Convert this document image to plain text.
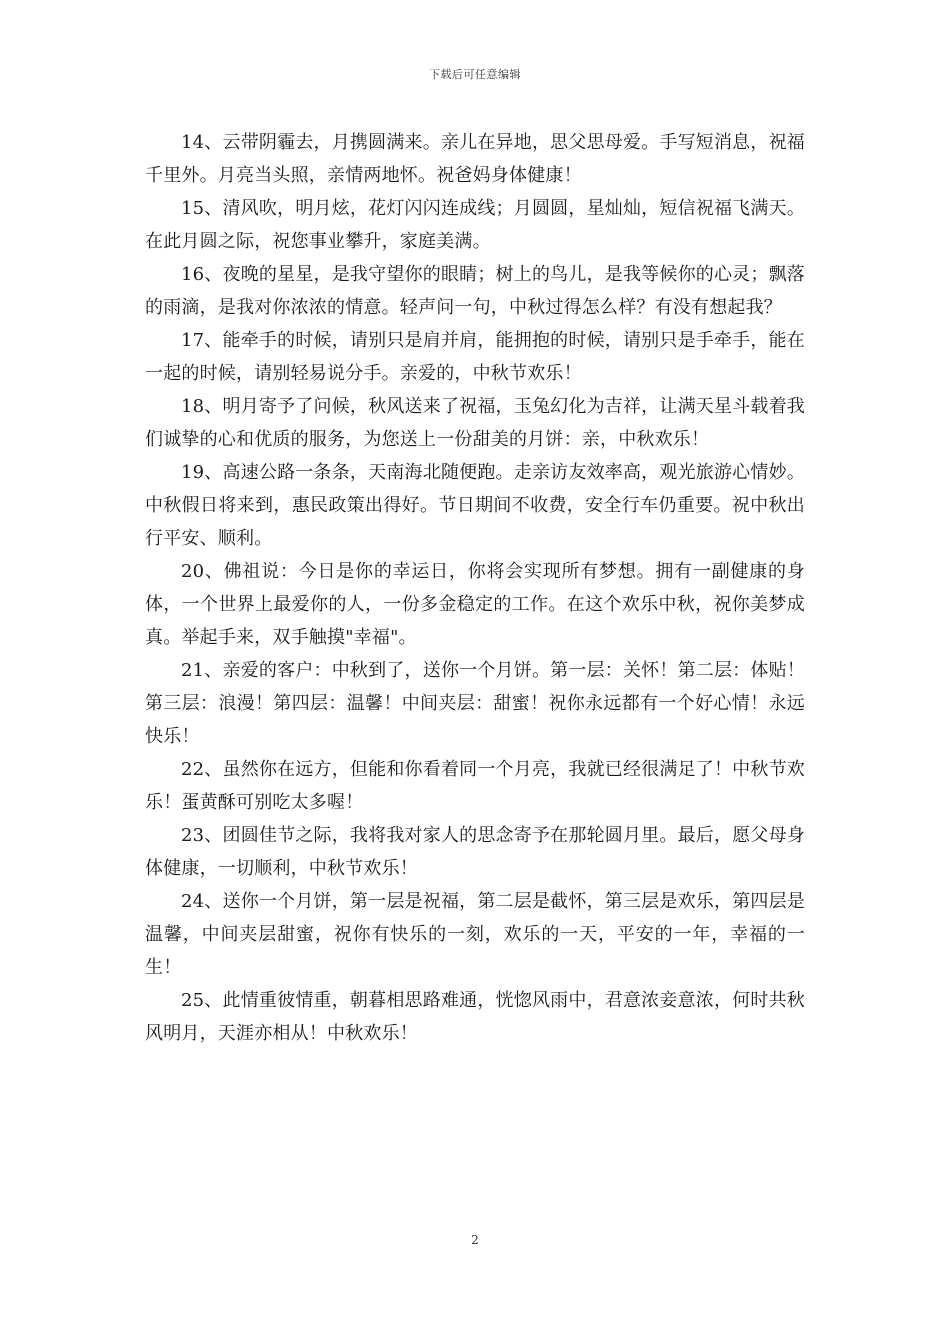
下载后可任意编辑

14、云带阴霾去，月携圆满来。亲儿在异地，思父思母爱。手写短消息，祝福千里外。月亮当头照，亲情两地怀。祝爸妈身体健康！

15、清风吹，明月炫，花灯闪闪连成线；月圆圆，星灿灿，短信祝福飞满天。在此月圆之际，祝您事业攀升，家庭美满。

16、夜晚的星星，是我守望你的眼睛；树上的鸟儿，是我等候你的心灵；飘落的雨滴，是我对你浓浓的情意。轻声问一句，中秋过得怎么样？有没有想起我？

17、能牵手的时候，请别只是肩并肩，能拥抱的时候，请别只是手牵手，能在一起的时候，请别轻易说分手。亲爱的，中秋节欢乐！

18、明月寄予了问候，秋风送来了祝福，玉兔幻化为吉祥，让满天星斗载着我们诚挚的心和优质的服务，为您送上一份甜美的月饼：亲，中秋欢乐！

19、高速公路一条条，天南海北随便跑。走亲访友效率高，观光旅游心情妙。中秋假日将来到，惠民政策出得好。节日期间不收费，安全行车仍重要。祝中秋出行平安、顺利。

20、佛祖说：今日是你的幸运日，你将会实现所有梦想。拥有一副健康的身体，一个世界上最爱你的人，一份多金稳定的工作。在这个欢乐中秋，祝你美梦成真。举起手来，双手触摸"幸福"。

21、亲爱的客户：中秋到了，送你一个月饼。第一层：关怀！第二层：体贴！第三层：浪漫！第四层：温馨！中间夹层：甜蜜！祝你永远都有一个好心情！永远快乐！

22、虽然你在远方，但能和你看着同一个月亮，我就已经很满足了！中秋节欢乐！蛋黄酥可别吃太多喔！

23、团圆佳节之际，我将我对家人的思念寄予在那轮圆月里。最后，愿父母身体健康，一切顺利，中秋节欢乐！

24、送你一个月饼，第一层是祝福，第二层是截怀，第三层是欢乐，第四层是温馨，中间夹层甜蜜，祝你有快乐的一刻，欢乐的一天，平安的一年，幸福的一生！

25、此情重彼情重，朝暮相思路难通，恍惚风雨中，君意浓妾意浓，何时共秋风明月，天涯亦相从！中秋欢乐！

2
